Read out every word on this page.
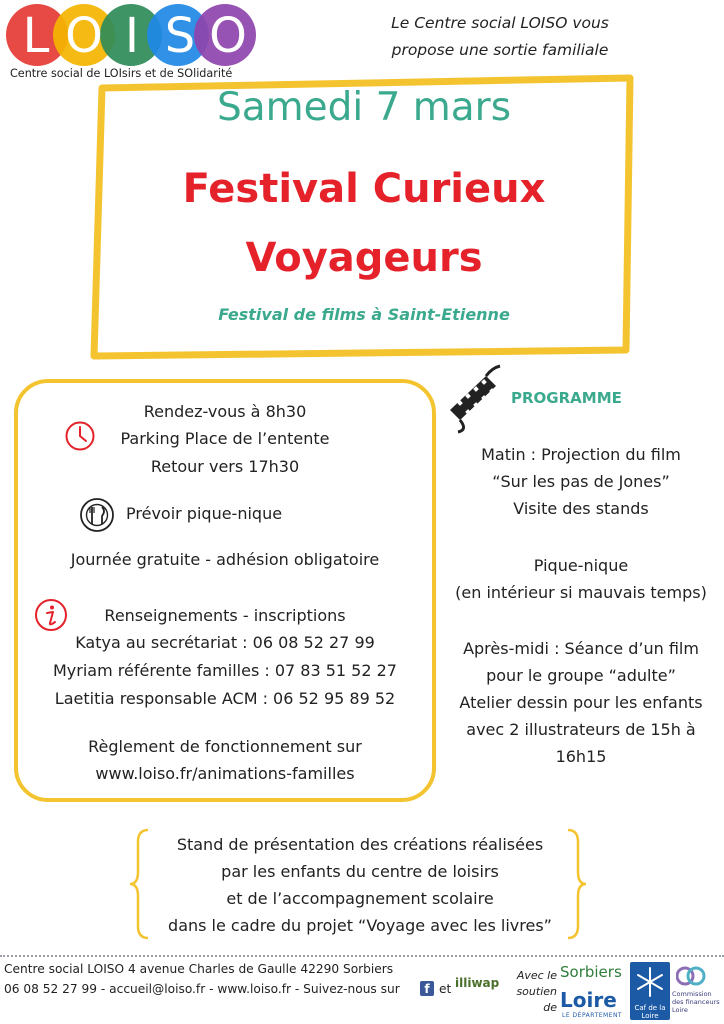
L O I S O
Centre social de LOIsirs et de SOlidarité
Le Centre social LOISO vous
propose une sortie familiale
Samedi 7 mars
Festival Curieux
Voyageurs
Festival de films à Saint-Etienne
Rendez-vous à 8h30
Parking Place de l’entente
Retour vers 17h30
Prévoir pique-nique
Journée gratuite - adhésion obligatoire
Renseignements - inscriptions
Katya au secrétariat : 06 08 52 27 99
Myriam référente familles : 07 83 51 52 27
Laetitia responsable ACM : 06 52 95 89 52
Règlement de fonctionnement sur
www.loiso.fr/animations-familles
PROGRAMME
Matin : Projection du film
“Sur les pas de Jones”
Visite des stands
Pique-nique
(en intérieur si mauvais temps)
Après-midi : Séance d’un film
pour le groupe “adulte”
Atelier dessin pour les enfants
avec 2 illustrateurs de 15h à
16h15
Stand de présentation des créations réalisées
par les enfants du centre de loisirs
et de l’accompagnement scolaire
dans le cadre du projet “Voyage avec les livres”
Centre social LOISO 4 avenue Charles de Gaulle 42290 Sorbiers
06 08 52 27 99 - accueil@loiso.fr - www.loiso.fr - Suivez-nous sur	f et illiwap
Avec le
soutien de
Sorbiers
Loire
LE DÉPARTEMENT
Caf de la Loire
Commission des financeurs Loire
